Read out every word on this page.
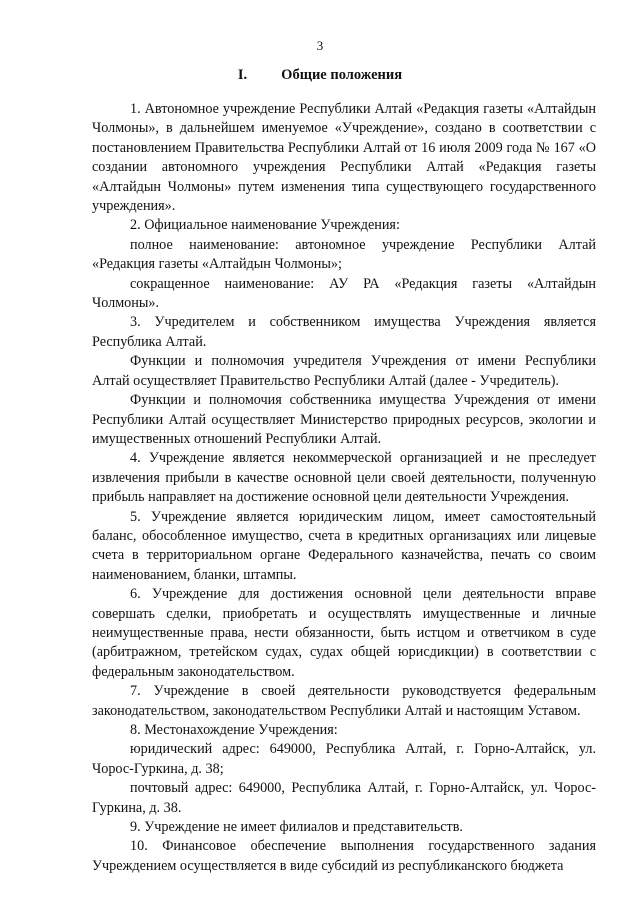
3
I. Общие положения

1. Автономное учреждение Республики Алтай «Редакция газеты «Алтайдын Чолмоны», в дальнейшем именуемое «Учреждение», создано в соответствии с постановлением Правительства Республики Алтай от 16 июля 2009 года № 167 «О создании автономного учреждения Республики Алтай «Редакция газеты «Алтайдын Чолмоны» путем изменения типа существующего государственного учреждения».

2. Официальное наименование Учреждения:

полное наименование: автономное учреждение Республики Алтай «Редакция газеты «Алтайдын Чолмоны»;

сокращенное наименование: АУ РА «Редакция газеты «Алтайдын Чолмоны».

3. Учредителем и собственником имущества Учреждения является Республика Алтай.

Функции и полномочия учредителя Учреждения от имени Республики Алтай осуществляет Правительство Республики Алтай (далее - Учредитель).

Функции и полномочия собственника имущества Учреждения от имени Республики Алтай осуществляет Министерство природных ресурсов, экологии и имущественных отношений Республики Алтай.

4. Учреждение является некоммерческой организацией и не преследует извлечения прибыли в качестве основной цели своей деятельности, полученную прибыль направляет на достижение основной цели деятельности Учреждения.

5. Учреждение является юридическим лицом, имеет самостоятельный баланс, обособленное имущество, счета в кредитных организациях или лицевые счета в территориальном органе Федерального казначейства, печать со своим наименованием, бланки, штампы.

6. Учреждение для достижения основной цели деятельности вправе совершать сделки, приобретать и осуществлять имущественные и личные неимущественные права, нести обязанности, быть истцом и ответчиком в суде (арбитражном, третейском судах, судах общей юрисдикции) в соответствии с федеральным законодательством.

7. Учреждение в своей деятельности руководствуется федеральным законодательством, законодательством Республики Алтай и настоящим Уставом.

8. Местонахождение Учреждения:

юридический адрес: 649000, Республика Алтай, г. Горно-Алтайск, ул. Чорос-Гуркина, д. 38;

почтовый адрес: 649000, Республика Алтай, г. Горно-Алтайск, ул. Чорос-Гуркина, д. 38.

9. Учреждение не имеет филиалов и представительств.

10. Финансовое обеспечение выполнения государственного задания Учреждением осуществляется в виде субсидий из республиканского бюджета
